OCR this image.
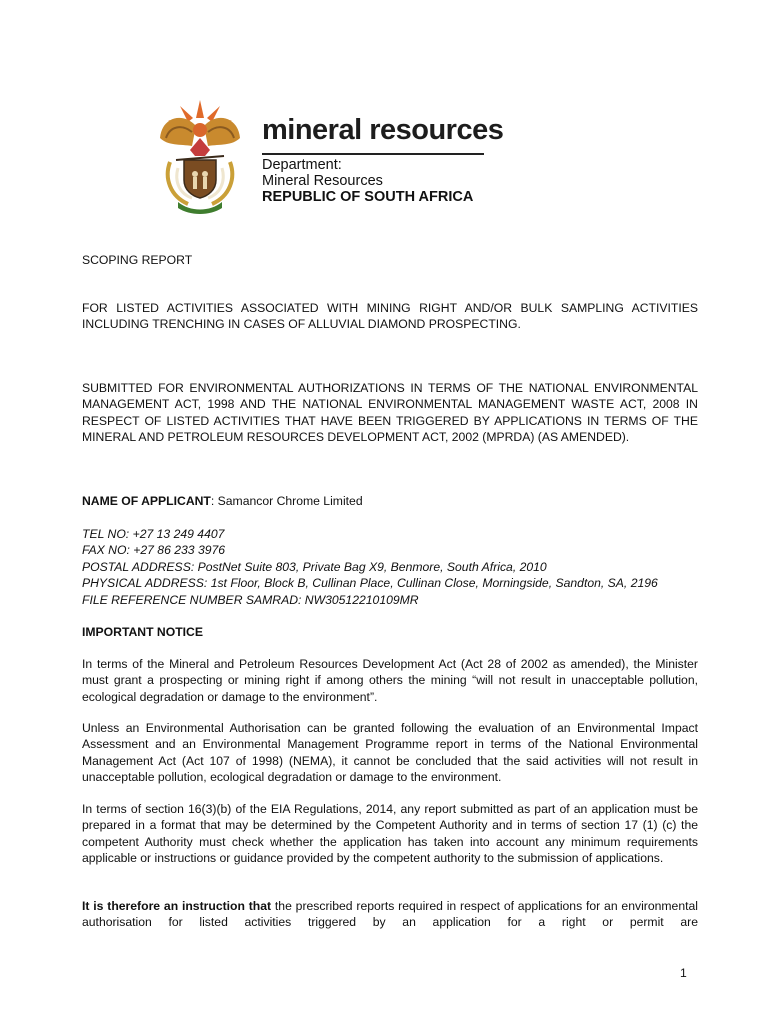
mineral resources
Department:
Mineral Resources
REPUBLIC OF SOUTH AFRICA
SCOPING REPORT
FOR LISTED ACTIVITIES ASSOCIATED WITH MINING RIGHT AND/OR BULK SAMPLING ACTIVITIES INCLUDING TRENCHING IN CASES OF ALLUVIAL DIAMOND PROSPECTING.
SUBMITTED FOR ENVIRONMENTAL AUTHORIZATIONS IN TERMS OF THE NATIONAL ENVIRONMENTAL MANAGEMENT ACT, 1998 AND THE NATIONAL ENVIRONMENTAL MANAGEMENT WASTE ACT, 2008 IN RESPECT OF LISTED ACTIVITIES THAT HAVE BEEN TRIGGERED BY APPLICATIONS IN TERMS OF THE MINERAL AND PETROLEUM RESOURCES DEVELOPMENT ACT, 2002 (MPRDA) (AS AMENDED).
NAME OF APPLICANT: Samancor Chrome Limited
TEL NO: +27 13 249 4407
FAX NO: +27 86 233 3976
POSTAL ADDRESS: PostNet Suite 803, Private Bag X9, Benmore, South Africa, 2010
PHYSICAL ADDRESS: 1st Floor, Block B, Cullinan Place, Cullinan Close, Morningside, Sandton, SA, 2196
FILE REFERENCE NUMBER SAMRAD: NW30512210109MR
IMPORTANT NOTICE
In terms of the Mineral and Petroleum Resources Development Act (Act 28 of 2002 as amended), the Minister must grant a prospecting or mining right if among others the mining “will not result in unacceptable pollution, ecological degradation or damage to the environment”.
Unless an Environmental Authorisation can be granted following the evaluation of an Environmental Impact Assessment and an Environmental Management Programme report in terms of the National Environmental Management Act (Act 107 of 1998) (NEMA), it cannot be concluded that the said activities will not result in unacceptable pollution, ecological degradation or damage to the environment.
In terms of section 16(3)(b) of the EIA Regulations, 2014, any report submitted as part of an application must be prepared in a format that may be determined by the Competent Authority and in terms of section 17 (1) (c) the competent Authority must check whether the application has taken into account any minimum requirements applicable or instructions or guidance provided by the competent authority to the submission of applications.
It is therefore an instruction that the prescribed reports required in respect of applications for an environmental authorisation for listed activities triggered by an application for a right or permit are
1
